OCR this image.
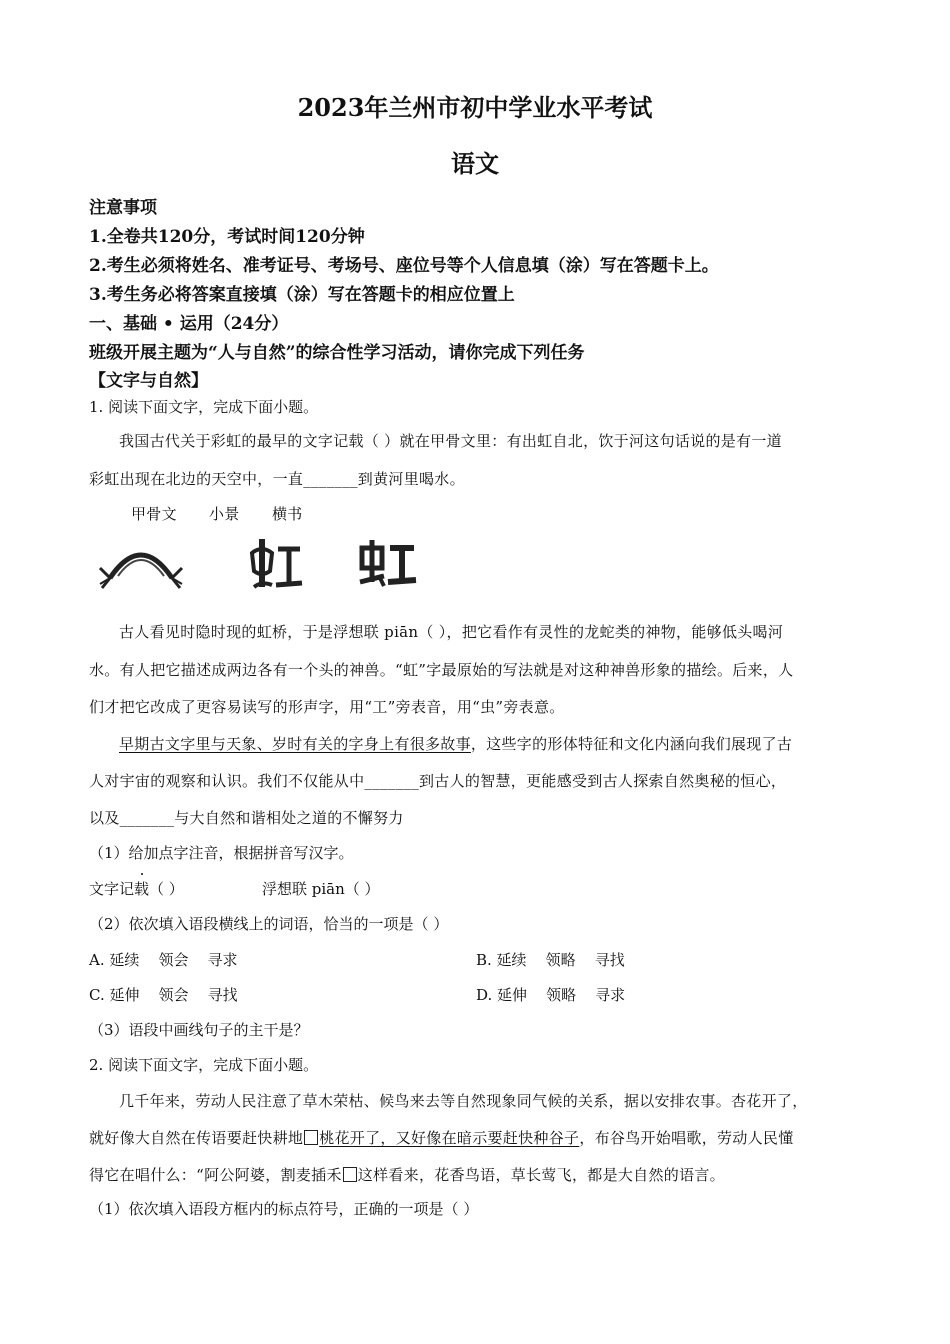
2023年兰州市初中学业水平考试
语文
注意事项
1.全卷共120分，考试时间120分钟
2.考生必须将姓名、准考证号、考场号、座位号等个人信息填（涂）写在答题卡上。
3.考生务必将答案直接填（涂）写在答题卡的相应位置上
一、基础 • 运用（24分）
班级开展主题为“人与自然”的综合性学习活动，请你完成下列任务
【文字与自然】
1. 阅读下面文字，完成下面小题。
我国古代关于彩虹的最早的文字记载（ ）就在甲骨文里：有出虹自北，饮于河这句话说的是有一道
彩虹出现在北边的天空中，一直_______到黄河里喝水。
甲骨文 小景 横书
古人看见时隐时现的虹桥，于是浮想联 piān（ ），把它看作有灵性的龙蛇类的神物，能够低头喝河
水。有人把它描述成两边各有一个头的神兽。“虹”字最原始的写法就是对这种神兽形象的描绘。后来，人
们才把它改成了更容易读写的形声字，用“工”旁表音，用“虫”旁表意。
早期古文字里与天象、岁时有关的字身上有很多故事，这些字的形体特征和文化内涵向我们展现了古
人对宇宙的观察和认识。我们不仅能从中_______到古人的智慧，更能感受到古人探索自然奥秘的恒心，
以及_______与大自然和谐相处之道的不懈努力
（1）给加点字注音，根据拼音写汉字。
文字记载（ ）	浮想联 piān（ ）
（2）依次填入语段横线上的词语，恰当的一项是（ ）
A. 延续    领会    寻求	B. 延续    领略    寻找
C. 延伸    领会    寻找	D. 延伸    领略    寻求
（3）语段中画线句子的主干是？
2. 阅读下面文字，完成下面小题。
几千年来，劳动人民注意了草木荣枯、候鸟来去等自然现象同气候的关系，据以安排农事。杏花开了，
就好像大自然在传语要赶快耕地 桃花开了，又好像在暗示要赶快种谷子，布谷鸟开始唱歌，劳动人民懂
得它在唱什么：“阿公阿婆，割麦插禾 这样看来，花香鸟语，草长莺飞，都是大自然的语言。
（1）依次填入语段方框内的标点符号，正确的一项是（ ）
